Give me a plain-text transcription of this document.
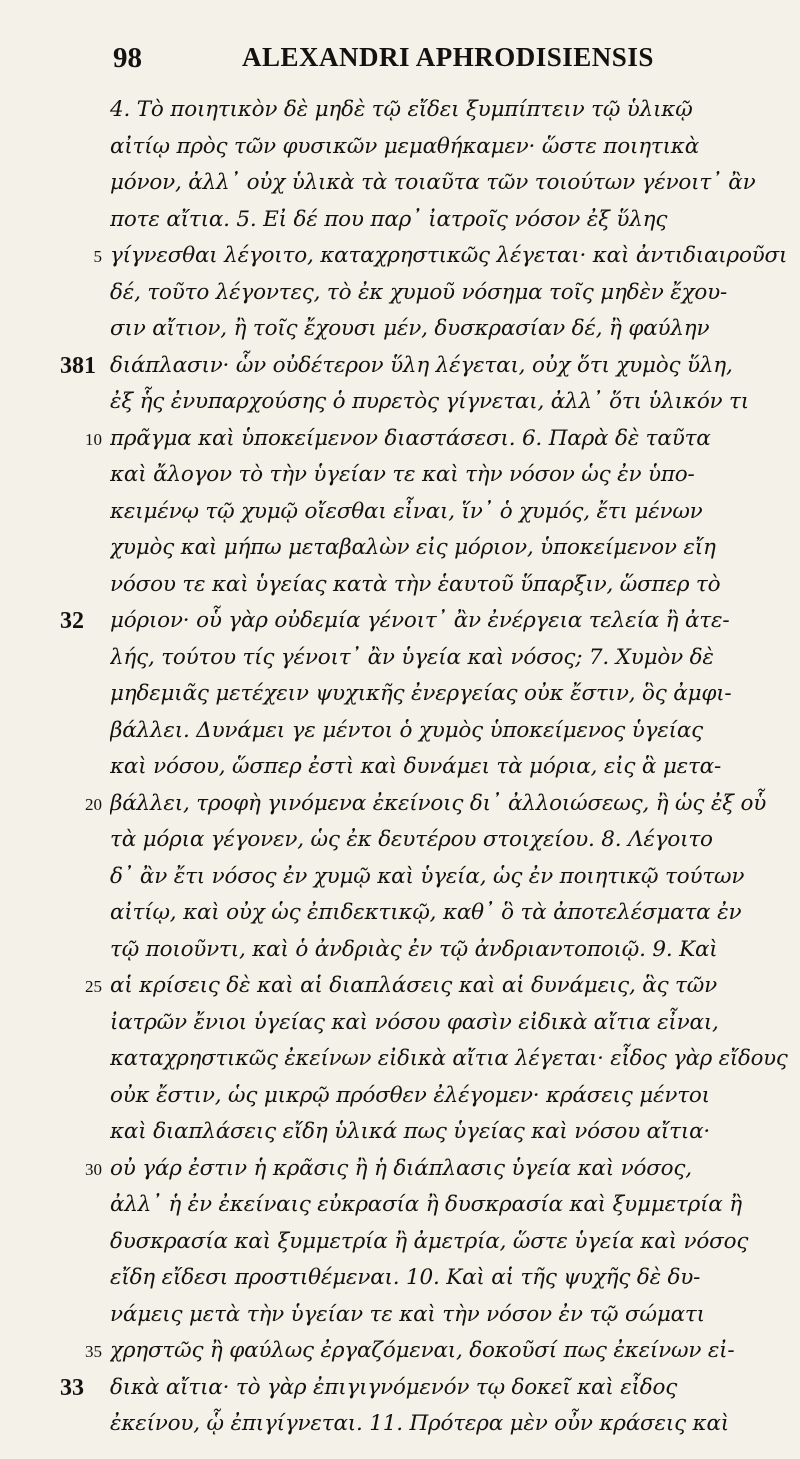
98	ALEXANDRI APHRODISIENSIS
4. Τὸ ποιητικὸν δὲ μηδὲ τῷ εἴδει ξυμπίπτειν τῷ ὑλικῷ
αἰτίῳ πρὸς τῶν φυσικῶν μεμαθήκαμεν· ὥστε ποιητικὰ
μόνον, ἀλλ᾽ οὐχ ὑλικὰ τὰ τοιαῦτα τῶν τοιούτων γένοιτ᾽ ἂν
ποτε αἴτια. 5. Εἰ δέ που παρ᾽ ἰατροῖς νόσον ἐξ ὕλης
5 γίγνεσθαι λέγοιτο, καταχρηστικῶς λέγεται· καὶ ἀντιδιαιροῦσι
δέ, τοῦτο λέγοντες, τὸ ἐκ χυμοῦ νόσημα τοῖς μηδὲν ἔχου-
σιν αἴτιον, ἢ τοῖς ἔχουσι μέν, δυσκρασίαν δέ, ἢ φαύλην
381 διάπλασιν· ὧν οὐδέτερον ὕλη λέγεται, οὐχ ὅτι χυμὸς ὕλη,
ἐξ ἧς ἐνυπαρχούσης ὁ πυρετὸς γίγνεται, ἀλλ᾽ ὅτι ὑλικόν τι
10 πρᾶγμα καὶ ὑποκείμενον διαστάσεσι. 6. Παρὰ δὲ ταῦτα
καὶ ἄλογον τὸ τὴν ὑγείαν τε καὶ τὴν νόσον ὡς ἐν ὑπο-
κειμένῳ τῷ χυμῷ οἴεσθαι εἶναι, ἵν᾽ ὁ χυμός, ἔτι μένων
χυμὸς καὶ μήπω μεταβαλὼν εἰς μόριον, ὑποκείμενον εἴη
νόσου τε καὶ ὑγείας κατὰ τὴν ἑαυτοῦ ὕπαρξιν, ὥσπερ τὸ
32	μόριον· οὗ γὰρ οὐδεμία γένοιτ᾽ ἂν ἐνέργεια τελεία ἢ ἀτε-
λής, τούτου τίς γένοιτ᾽ ἂν ὑγεία καὶ νόσος; 7. Χυμὸν δὲ
μηδεμιᾶς μετέχειν ψυχικῆς ἐνεργείας οὐκ ἔστιν, ὃς ἀμφι-
βάλλει. Δυνάμει γε μέντοι ὁ χυμὸς ὑποκείμενος ὑγείας
καὶ νόσου, ὥσπερ ἐστὶ καὶ δυνάμει τὰ μόρια, εἰς ἃ μετα-
20 βάλλει, τροφὴ γινόμενα ἐκείνοις δι᾽ ἀλλοιώσεως, ἢ ὡς ἐξ οὗ
τὰ μόρια γέγονεν, ὡς ἐκ δευτέρου στοιχείου. 8. Λέγοιτο
δ᾽ ἂν ἔτι νόσος ἐν χυμῷ καὶ ὑγεία, ὡς ἐν ποιητικῷ τούτων
αἰτίῳ, καὶ οὐχ ὡς ἐπιδεκτικῷ, καθ᾽ ὃ τὰ ἀποτελέσματα ἐν
τῷ ποιοῦντι, καὶ ὁ ἀνδριὰς ἐν τῷ ἀνδριαντοποιῷ. 9. Καὶ
25 αἱ κρίσεις δὲ καὶ αἱ διαπλάσεις καὶ αἱ δυνάμεις, ἃς τῶν
ἰατρῶν ἔνιοι ὑγείας καὶ νόσου φασὶν εἰδικὰ αἴτια εἶναι,
καταχρηστικῶς ἐκείνων εἰδικὰ αἴτια λέγεται· εἶδος γὰρ εἴδους
οὐκ ἔστιν, ὡς μικρῷ πρόσθεν ἐλέγομεν· κράσεις μέντοι
καὶ διαπλάσεις εἴδη ὑλικά πως ὑγείας καὶ νόσου αἴτια·
30 οὐ γάρ ἐστιν ἡ κρᾶσις ἢ ἡ διάπλασις ὑγεία καὶ νόσος,
ἀλλ᾽ ἡ ἐν ἐκείναις εὐκρασία ἢ δυσκρασία καὶ ξυμμετρία ἢ
δυσκρασία καὶ ξυμμετρία ἢ ἀμετρία, ὥστε ὑγεία καὶ νόσος
εἴδη εἴδεσι προστιθέμεναι. 10. Καὶ αἱ τῆς ψυχῆς δὲ δυ-
νάμεις μετὰ τὴν ὑγείαν τε καὶ τὴν νόσον ἐν τῷ σώματι
35 χρηστῶς ἢ φαύλως ἐργαζόμεναι, δοκοῦσί πως ἐκείνων εἰ-
33	δικὰ αἴτια· τὸ γὰρ ἐπιγιγνόμενόν τῳ δοκεῖ καὶ εἶδος
ἐκείνου, ᾧ ἐπιγίγνεται. 11. Πρότερα μὲν οὖν κράσεις καὶ
